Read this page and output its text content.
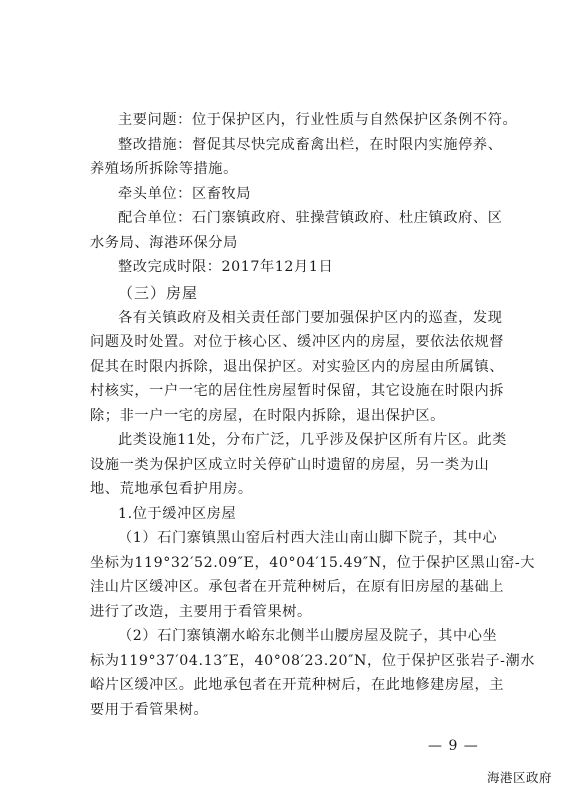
主要问题：位于保护区内，行业性质与自然保护区条例不符。
整改措施：督促其尽快完成畜禽出栏，在时限内实施停养、
养殖场所拆除等措施。
牵头单位：区畜牧局
配合单位：石门寨镇政府、驻操营镇政府、杜庄镇政府、区
水务局、海港环保分局
整改完成时限：2017年12月1日
（三）房屋
各有关镇政府及相关责任部门要加强保护区内的巡查，发现
问题及时处置。对位于核心区、缓冲区内的房屋，要依法依规督
促其在时限内拆除，退出保护区。对实验区内的房屋由所属镇、
村核实，一户一宅的居住性房屋暂时保留，其它设施在时限内拆
除；非一户一宅的房屋，在时限内拆除，退出保护区。
此类设施11处，分布广泛，几乎涉及保护区所有片区。此类
设施一类为保护区成立时关停矿山时遗留的房屋，另一类为山
地、荒地承包看护用房。
1.位于缓冲区房屋
（1）石门寨镇黑山窑后村西大洼山南山脚下院子，其中心
坐标为119°32′52.09″E，40°04′15.49″N，位于保护区黑山窑-大
洼山片区缓冲区。承包者在开荒种树后，在原有旧房屋的基础上
进行了改造，主要用于看管果树。
（2）石门寨镇潮水峪东北侧半山腰房屋及院子，其中心坐
标为119°37′04.13″E，40°08′23.20″N，位于保护区张岩子-潮水
峪片区缓冲区。此地承包者在开荒种树后，在此地修建房屋，主
要用于看管果树。
— 9 —
海港区政府
